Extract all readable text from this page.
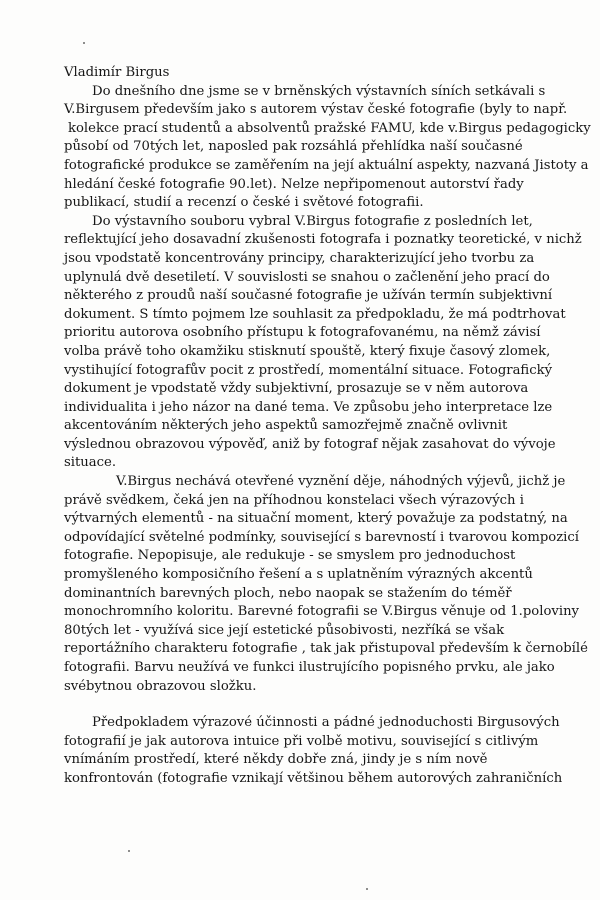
Vladimír Birgus
Do dnešního dne jsme se v brněnských výstavních síních setkávali s
V.Birgusem především jako s autorem výstav české fotografie (byly to např.
kolekce prací studentů a absolventů pražské FAMU, kde v.Birgus pedagogicky
působí od 70tých let, naposled pak rozsáhlá přehlídka naší současné
fotografické produkce se zaměřením na její aktuální aspekty, nazvaná Jistoty a
hledání české fotografie 90.let). Nelze nepřipomenout autorství řady
publikací, studií a recenzí o české i světové fotografii.
Do výstavního souboru vybral V.Birgus fotografie z posledních let,
reflektující jeho dosavadní zkušenosti fotografa i poznatky teoretické, v nichž
jsou vpodstatě koncentrovány principy, charakterizující jeho tvorbu za
uplynulá dvě desetiletí. V souvislosti se snahou o začlenění jeho prací do
některého z proudů naší současné fotografie je užíván termín subjektivní
dokument. S tímto pojmem lze souhlasit za předpokladu, že má podtrhovat
prioritu autorova osobního přístupu k fotografovanému, na němž závisí
volba právě toho okamžiku stisknutí spouště, který fixuje časový zlomek,
vystihující fotografův pocit z prostředí, momentální situace. Fotografický
dokument je vpodstatě vždy subjektivní, prosazuje se v něm autorova
individualita i jeho názor na dané tema. Ve způsobu jeho interpretace lze
akcentováním některých jeho aspektů samozřejmě značně ovlivnit
výslednou obrazovou výpověď, aniž by fotograf nějak zasahovat do vývoje
situace.
V.Birgus nechává otevřené vyznění děje, náhodných výjevů, jichž je
právě svědkem, čeká jen na příhodnou konstelaci všech výrazových i
výtvarných elementů - na situační moment, který považuje za podstatný, na
odpovídající světelné podmínky, související s barevností i tvarovou kompozicí
fotografie. Nepopisuje, ale redukuje - se smyslem pro jednoduchost
promyšleného komposičního řešení a s uplatněním výrazných akcentů
dominantních barevných ploch, nebo naopak se stažením do téměř
monochromního koloritu. Barevné fotografii se V.Birgus věnuje od 1.poloviny
80tých let - využívá sice její estetické působivosti, nezříká se však
reportážního charakteru fotografie , tak jak přistupoval především k černobílé
fotografii. Barvu neužívá ve funkci ilustrujícího popisného prvku, ale jako
svébytnou obrazovou složku.
Předpokladem výrazové účinnosti a pádné jednoduchosti Birgusových
fotografií je jak autorova intuice při volbě motivu, související s citlivým
vnímáním prostředí, které někdy dobře zná, jindy je s ním nově
konfrontován (fotografie vznikají většinou během autorových zahraničních
